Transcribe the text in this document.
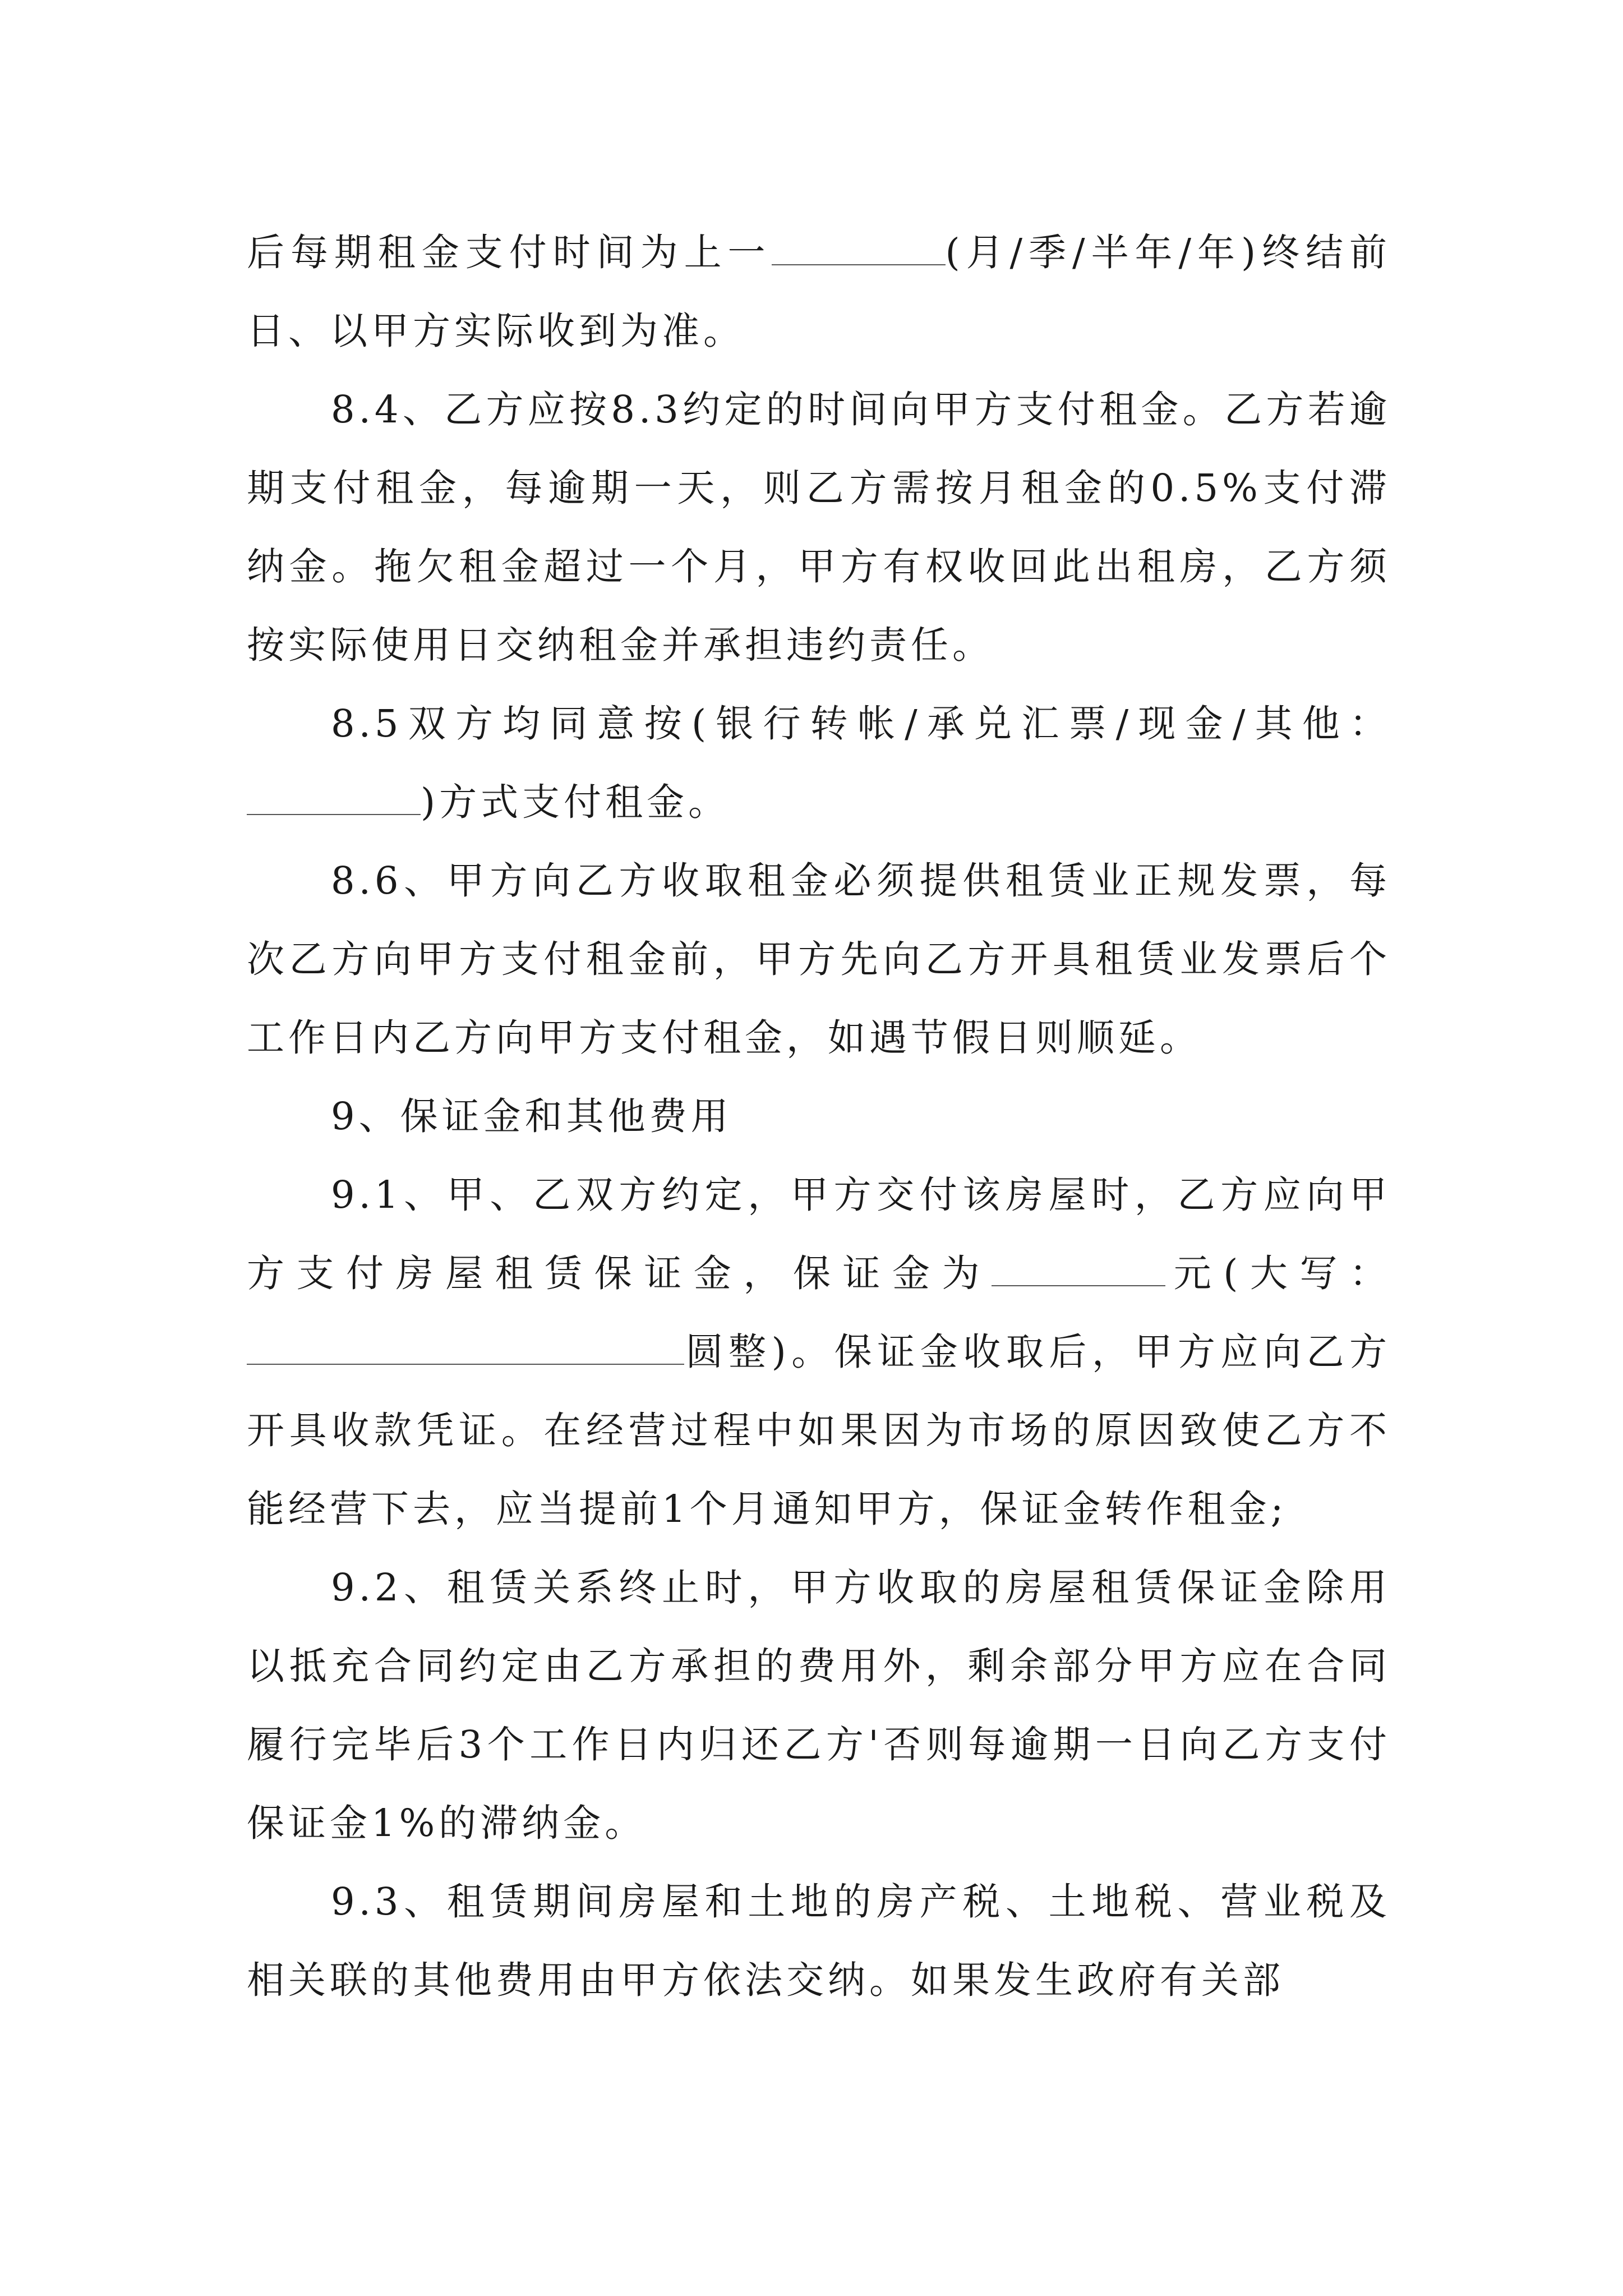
后每期租金支付时间为上一	(月/季/半年/年)终结前日、以甲方实际收到为准。

8.4、乙方应按8.3约定的时间向甲方支付租金。乙方若逾期支付租金，每逾期一天，则乙方需按月租金的0.5%支付滞纳金。拖欠租金超过一个月，甲方有权收回此出租房，乙方须按实际使用日交纳租金并承担违约责任。

8.5双方均同意按(银行转帐/承兑汇票/现金/其他：)方式支付租金。

8.6、甲方向乙方收取租金必须提供租赁业正规发票，每次乙方向甲方支付租金前，甲方先向乙方开具租赁业发票后个工作日内乙方向甲方支付租金，如遇节假日则顺延。

9、保证金和其他费用

9.1、甲、乙双方约定，甲方交付该房屋时，乙方应向甲方支付房屋租赁保证金，保证金为	元(大写：圆整)。保证金收取后，甲方应向乙方开具收款凭证。在经营过程中如果因为市场的原因致使乙方不能经营下去，应当提前1个月通知甲方，保证金转作租金;

9.2、租赁关系终止时，甲方收取的房屋租赁保证金除用以抵充合同约定由乙方承担的费用外，剩余部分甲方应在合同履行完毕后3个工作日内归还乙方'否则每逾期一日向乙方支付保证金1%的滞纳金。

9.3、租赁期间房屋和土地的房产税、土地税、营业税及相关联的其他费用由甲方依法交纳。如果发生政府有关部
